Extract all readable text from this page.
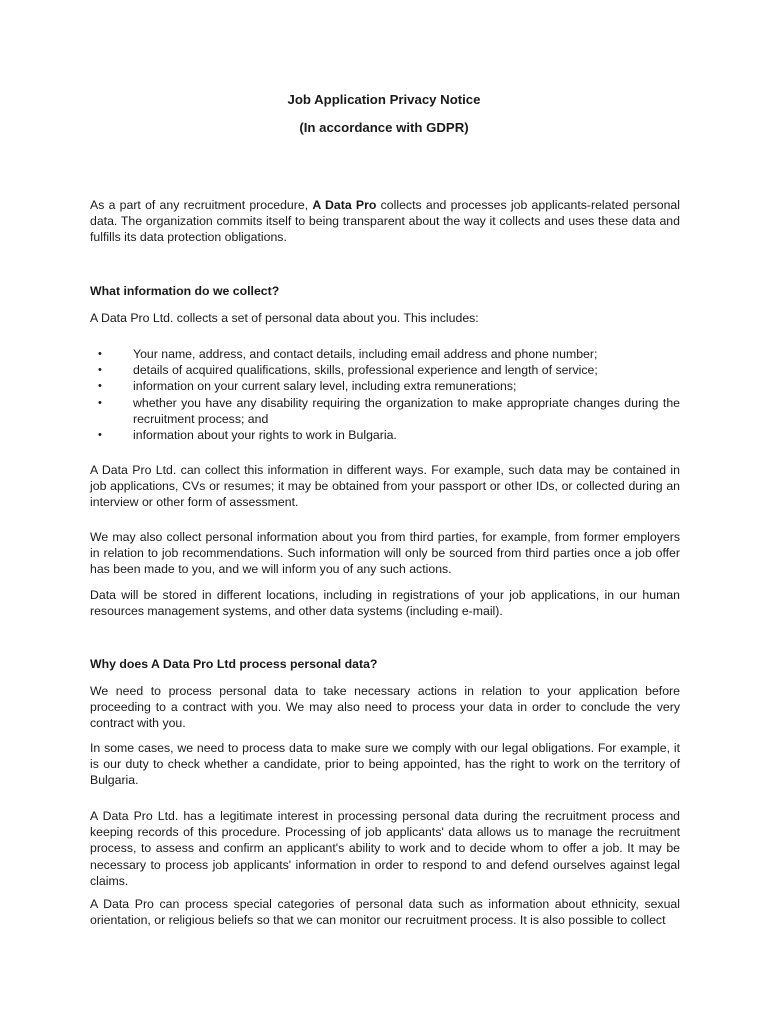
Job Application Privacy Notice
(In accordance with GDPR)
As a part of any recruitment procedure, A Data Pro collects and processes job applicants-related personal data. The organization commits itself to being transparent about the way it collects and uses these data and fulfills its data protection obligations.
What information do we collect?
A Data Pro Ltd. collects a set of personal data about you. This includes:
•	Your name, address, and contact details, including email address and phone number;
•	details of acquired qualifications, skills, professional experience and length of service;
•	information on your current salary level, including extra remunerations;
•	whether you have any disability requiring the organization to make appropriate changes during the recruitment process; and
•	information about your rights to work in Bulgaria.
A Data Pro Ltd. can collect this information in different ways. For example, such data may be contained in job applications, CVs or resumes; it may be obtained from your passport or other IDs, or collected during an interview or other form of assessment.
We may also collect personal information about you from third parties, for example, from former employers in relation to job recommendations. Such information will only be sourced from third parties once a job offer has been made to you, and we will inform you of any such actions.
Data will be stored in different locations, including in registrations of your job applications, in our human resources management systems, and other data systems (including e-mail).
Why does A Data Pro Ltd process personal data?
We need to process personal data to take necessary actions in relation to your application before proceeding to a contract with you. We may also need to process your data in order to conclude the very contract with you.
In some cases, we need to process data to make sure we comply with our legal obligations. For example, it is our duty to check whether a candidate, prior to being appointed, has the right to work on the territory of Bulgaria.
A Data Pro Ltd. has a legitimate interest in processing personal data during the recruitment process and keeping records of this procedure. Processing of job applicants' data allows us to manage the recruitment process, to assess and confirm an applicant's ability to work and to decide whom to offer a job. It may be necessary to process job applicants' information in order to respond to and defend ourselves against legal claims.
A Data Pro can process special categories of personal data such as information about ethnicity, sexual orientation, or religious beliefs so that we can monitor our recruitment process. It is also possible to collect
